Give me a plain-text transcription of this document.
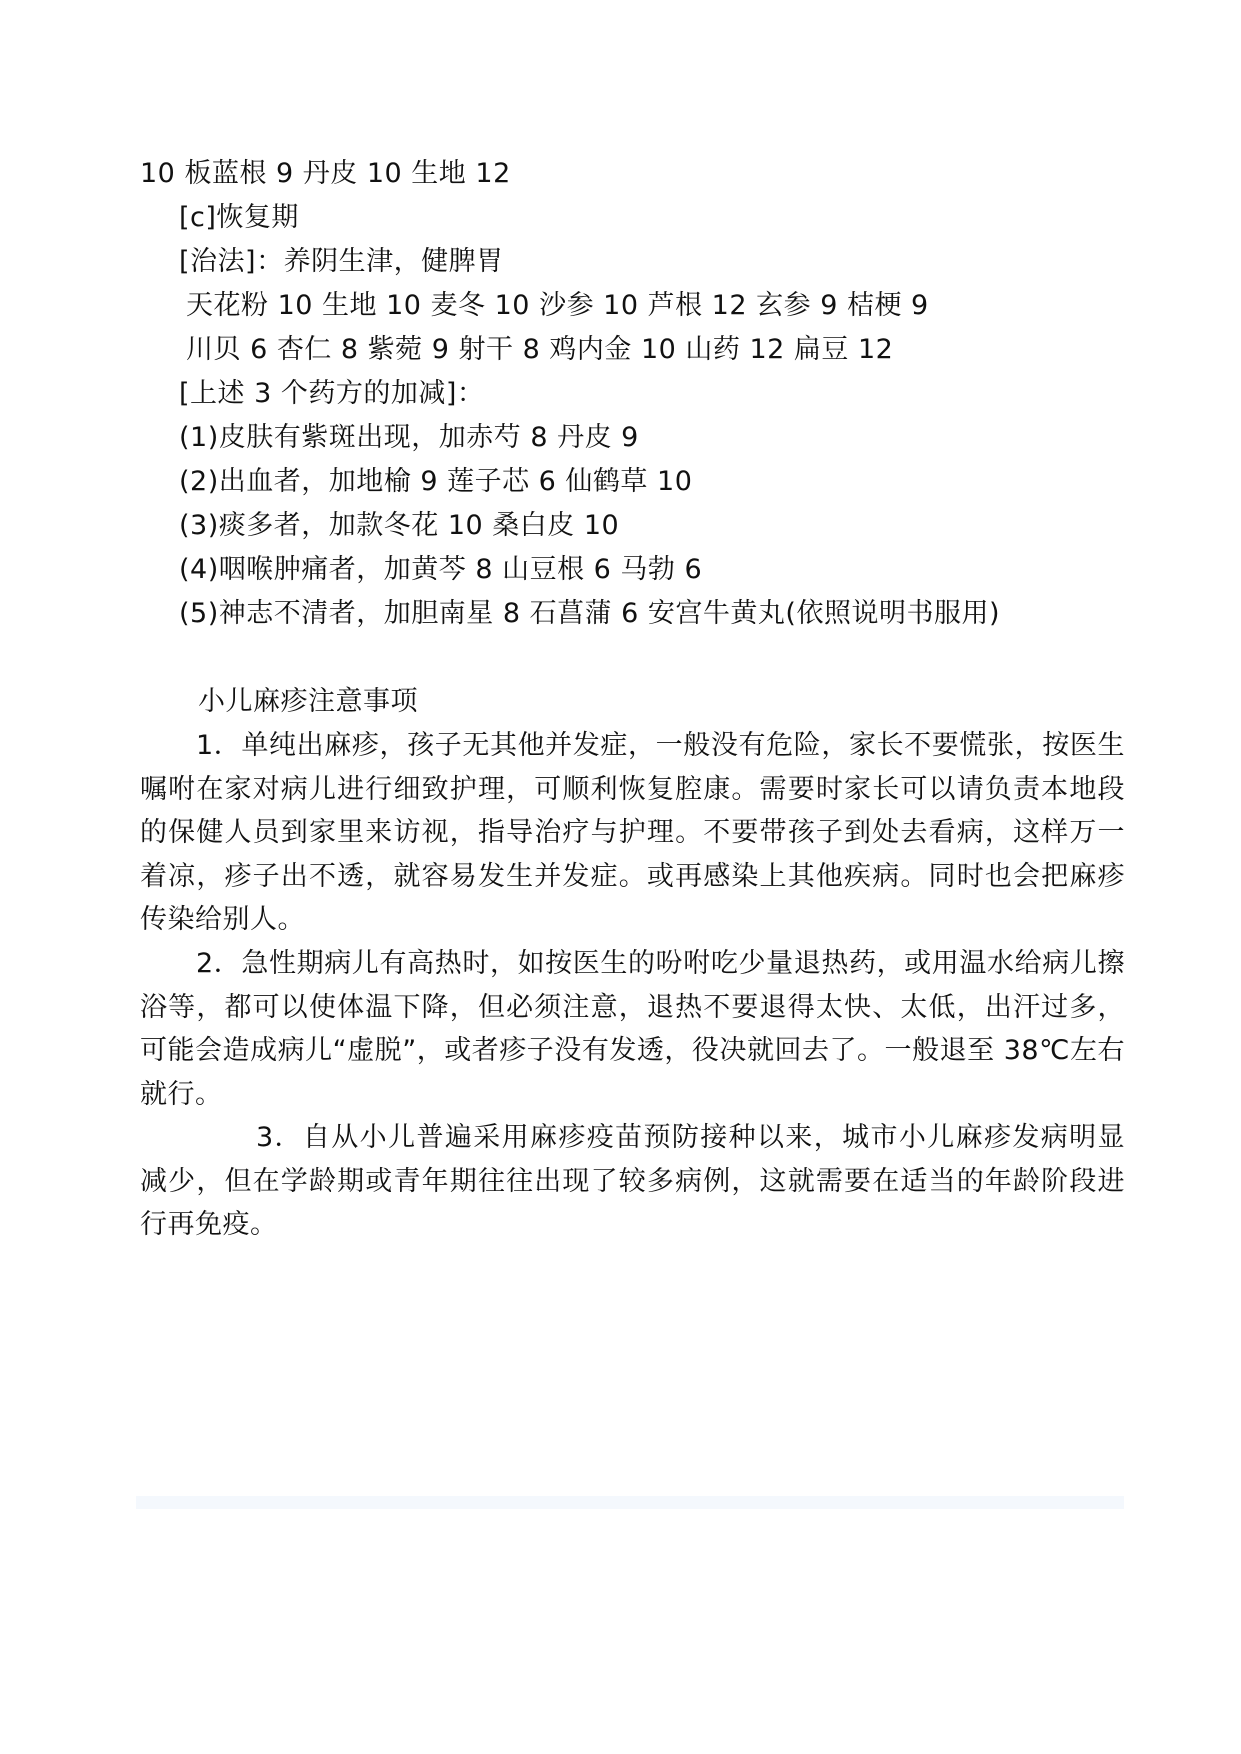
10 板蓝根 9 丹皮 10 生地 12
[c]恢复期
[治法]：养阴生津，健脾胃
天花粉 10 生地 10 麦冬 10 沙参 10 芦根 12 玄参 9 桔梗 9
川贝 6 杏仁 8 紫菀 9 射干 8 鸡内金 10 山药 12 扁豆 12
[上述 3 个药方的加减]：
(1)皮肤有紫斑出现，加赤芍 8 丹皮 9
(2)出血者，加地榆 9 莲子芯 6 仙鹤草 10
(3)痰多者，加款冬花 10 桑白皮 10
(4)咽喉肿痛者，加黄芩 8 山豆根 6 马勃 6
(5)神志不清者，加胆南星 8 石菖蒲 6 安宫牛黄丸(依照说明书服用)
小儿麻疹注意事项
1．单纯出麻疹，孩子无其他并发症，一般没有危险，家长不要慌张，按医生嘱咐在家对病儿进行细致护理，可顺利恢复腔康。需要时家长可以请负责本地段的保健人员到家里来访视，指导治疗与护理。不要带孩子到处去看病，这样万一着凉，疹子出不透，就容易发生并发症。或再感染上其他疾病。同时也会把麻疹传染给别人。
2．急性期病儿有高热时，如按医生的吩咐吃少量退热药，或用温水给病儿擦浴等，都可以使体温下降，但必须注意，退热不要退得太快、太低，出汗过多，可能会造成病儿“虚脱”，或者疹子没有发透，役决就回去了。一般退至 38℃左右就行。
3．自从小儿普遍采用麻疹疫苗预防接种以来，城市小儿麻疹发病明显减少，但在学龄期或青年期往往出现了较多病例，这就需要在适当的年龄阶段进行再免疫。
